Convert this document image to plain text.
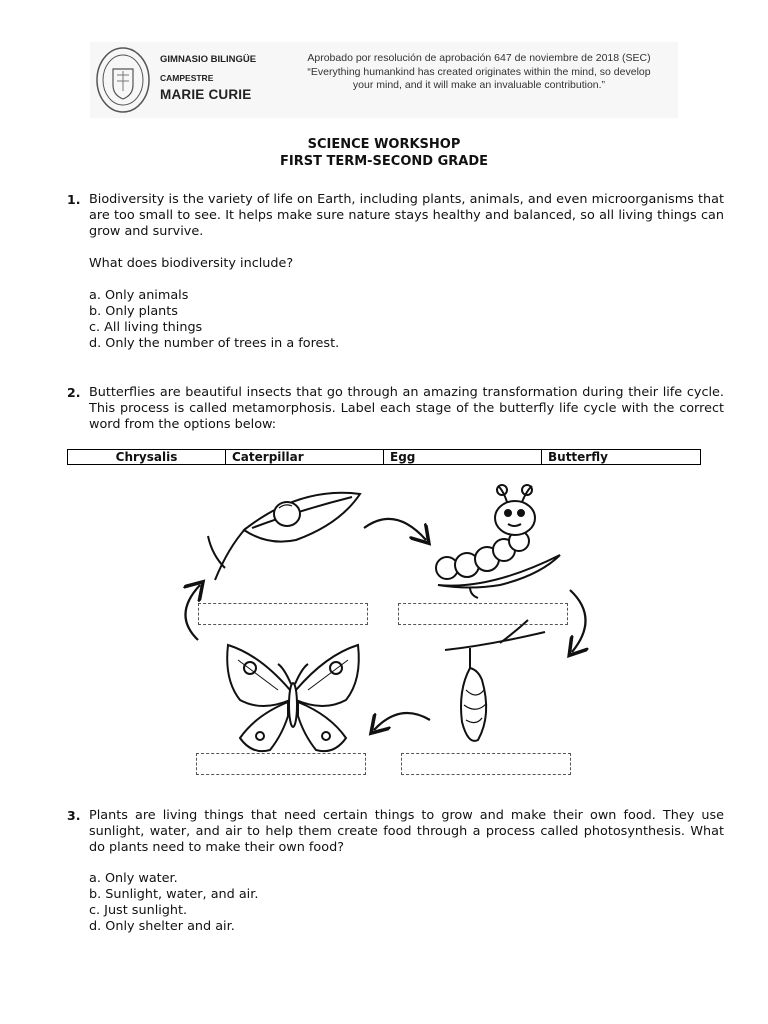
GIMNASIO BILINGÜE
CAMPESTRE
MARIE CURIE
Aprobado por resolución de aprobación 647 de noviembre de 2018 (SEC)
“Everything humankind has created originates within the mind, so develop
your mind, and it will make an invaluable contribution.”
SCIENCE WORKSHOP
FIRST TERM-SECOND GRADE
1. Biodiversity is the variety of life on Earth, including plants, animals, and even microorganisms that are too small to see. It helps make sure nature stays healthy and balanced, so all living things can grow and survive.
What does biodiversity include?
a. Only animals
b. Only plants
c. All living things
d. Only the number of trees in a forest.
2. Butterflies are beautiful insects that go through an amazing transformation during their life cycle. This process is called metamorphosis. Label each stage of the butterfly life cycle with the correct word from the options below:
Chrysalis	Caterpillar	Egg	Butterfly
3. Plants are living things that need certain things to grow and make their own food. They use sunlight, water, and air to help them create food through a process called photosynthesis. What do plants need to make their own food?
a. Only water.
b. Sunlight, water, and air.
c. Just sunlight.
d. Only shelter and air.
